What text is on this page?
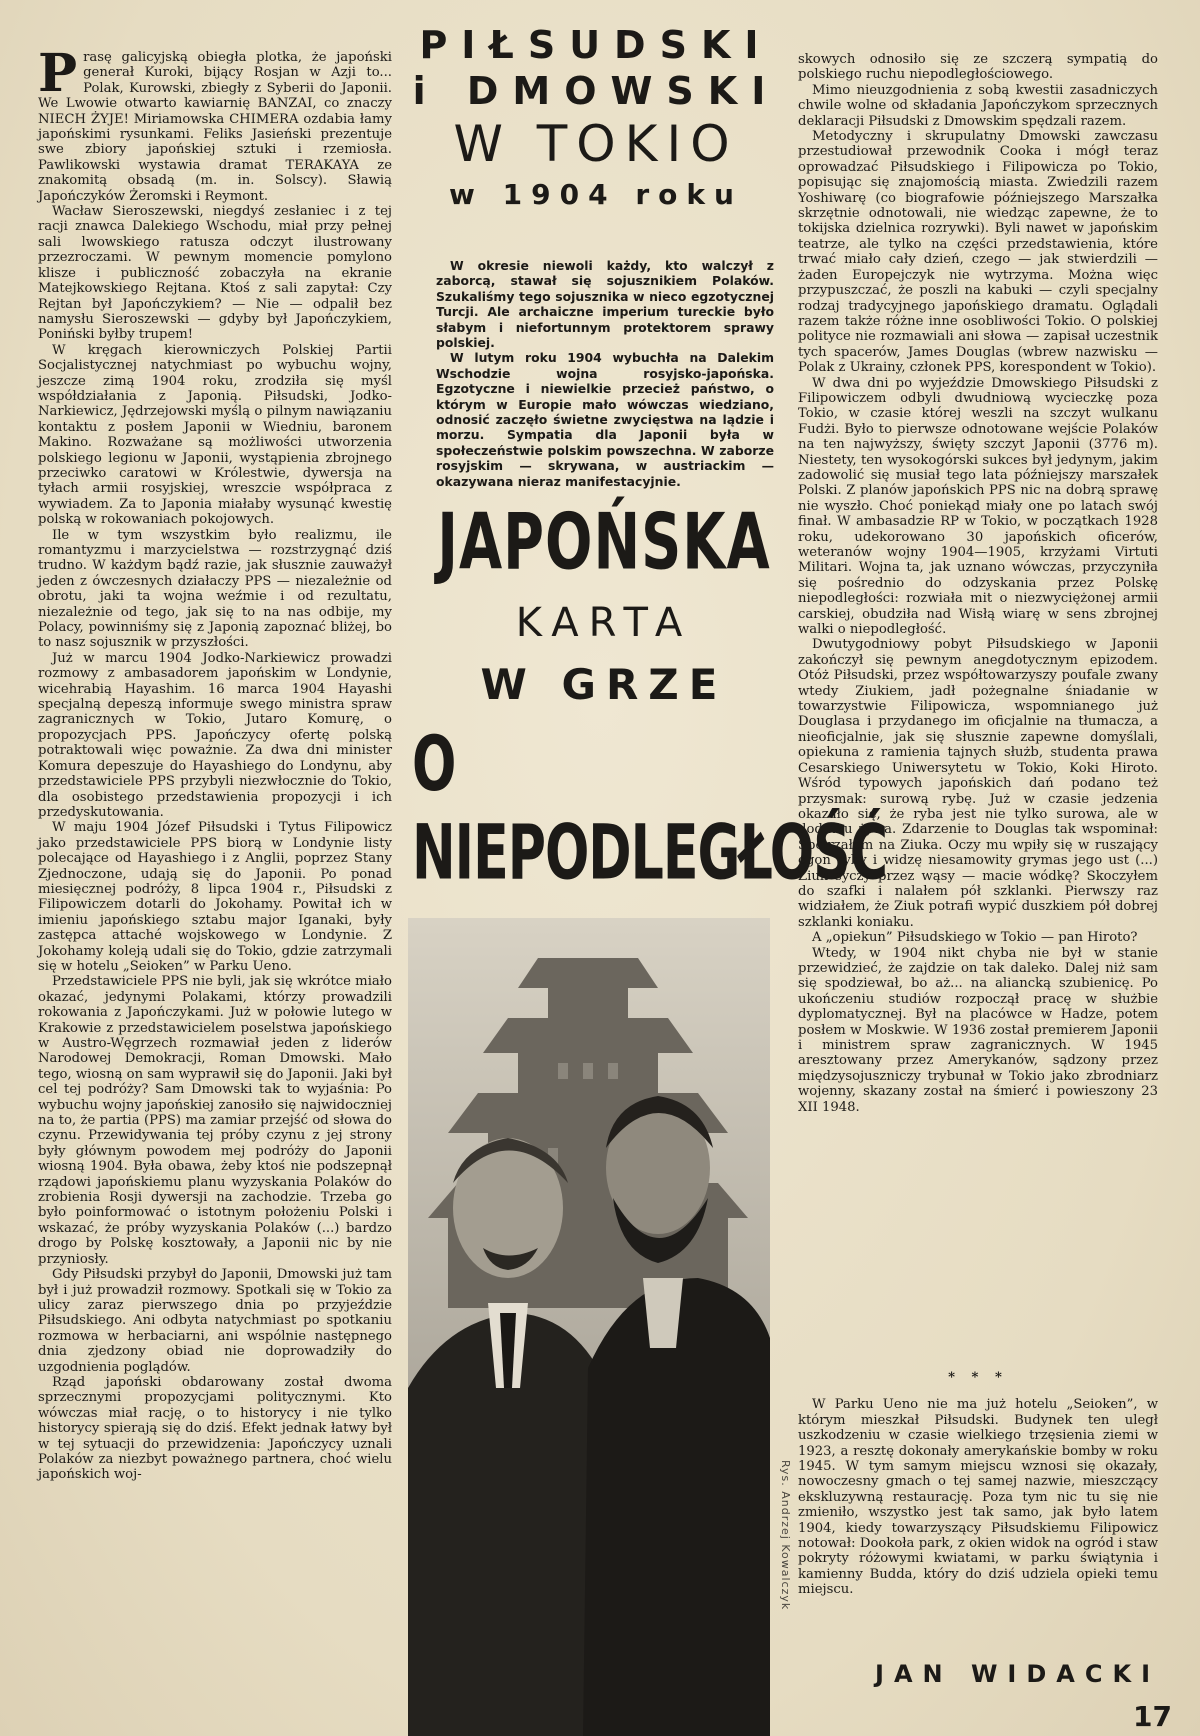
Prasę galicyjską obiegła plotka, że japoński generał Kuroki, bijący Rosjan w Azji to... Polak, Kurowski, zbiegły z Syberii do Japonii. We Lwowie otwarto kawiarnię BANZAI, co znaczy NIECH ŻYJE! Miriamowska CHIMERA ozdabia łamy japońskimi rysunkami. Feliks Jasieński prezentuje swe zbiory japońskiej sztuki i rzemiosła. Pawlikowski wystawia dramat TERAKAYA ze znakomitą obsadą (m. in. Solscy). Sławią Japończyków Żeromski i Reymont.

Wacław Sieroszewski, niegdyś zesłaniec i z tej racji znawca Dalekiego Wschodu, miał przy pełnej sali lwowskiego ratusza odczyt ilustrowany przezroczami. W pewnym momencie pomylono klisze i publiczność zobaczyła na ekranie Matejkowskiego Rejtana. Ktoś z sali zapytał: Czy Rejtan był Japończykiem? — Nie — odpalił bez namysłu Sieroszewski — gdyby był Japończykiem, Poniński byłby trupem!

W kręgach kierowniczych Polskiej Partii Socjalistycznej natychmiast po wybuchu wojny, jeszcze zimą 1904 roku, zrodziła się myśl współdziałania z Japonią. Piłsudski, Jodko-Narkiewicz, Jędrzejowski myślą o pilnym nawiązaniu kontaktu z posłem Japonii w Wiedniu, baronem Makino. Rozważane są możliwości utworzenia polskiego legionu w Japonii, wystąpienia zbrojnego przeciwko caratowi w Królestwie, dywersja na tyłach armii rosyjskiej, wreszcie współpraca z wywiadem. Za to Japonia miałaby wysunąć kwestię polską w rokowaniach pokojowych.

Ile w tym wszystkim było realizmu, ile romantyzmu i marzycielstwa — rozstrzygnąć dziś trudno. W każdym bądź razie, jak słusznie zauważył jeden z ówczesnych działaczy PPS — niezależnie od obrotu, jaki ta wojna weźmie i od rezultatu, niezależnie od tego, jak się to na nas odbije, my Polacy, powinniśmy się z Japonią zapoznać bliżej, bo to nasz sojusznik w przyszłości.

Już w marcu 1904 Jodko-Narkiewicz prowadzi rozmowy z ambasadorem japońskim w Londynie, wicehrabią Hayashim. 16 marca 1904 Hayashi specjalną depeszą informuje swego ministra spraw zagranicznych w Tokio, Jutaro Komurę, o propozycjach PPS. Japończycy ofertę polską potraktowali więc poważnie. Za dwa dni minister Komura depeszuje do Hayashiego do Londynu, aby przedstawiciele PPS przybyli niezwłocznie do Tokio, dla osobistego przedstawienia propozycji i ich przedyskutowania.

W maju 1904 Józef Piłsudski i Tytus Filipowicz jako przedstawiciele PPS biorą w Londynie listy polecające od Hayashiego i z Anglii, poprzez Stany Zjednoczone, udają się do Japonii. Po ponad miesięcznej podróży, 8 lipca 1904 r., Piłsudski z Filipowiczem dotarli do Jokohamy. Powitał ich w imieniu japońskiego sztabu major Iganaki, były zastępca attaché wojskowego w Londynie. Z Jokohamy koleją udali się do Tokio, gdzie zatrzymali się w hotelu „Seioken” w Parku Ueno.

Przedstawiciele PPS nie byli, jak się wkrótce miało okazać, jedynymi Polakami, którzy prowadzili rokowania z Japończykami. Już w połowie lutego w Krakowie z przedstawicielem poselstwa japońskiego w Austro-Węgrzech rozmawiał jeden z liderów Narodowej Demokracji, Roman Dmowski. Mało tego, wiosną on sam wyprawił się do Japonii. Jaki był cel tej podróży? Sam Dmowski tak to wyjaśnia: Po wybuchu wojny japońskiej zanosiło się najwidoczniej na to, że partia (PPS) ma zamiar przejść od słowa do czynu. Przewidywania tej próby czynu z jej strony były głównym powodem mej podróży do Japonii wiosną 1904. Była obawa, żeby ktoś nie podszepnął rządowi japońskiemu planu wyzyskania Polaków do zrobienia Rosji dywersji na zachodzie. Trzeba go było poinformować o istotnym położeniu Polski i wskazać, że próby wyzyskania Polaków (...) bardzo drogo by Polskę kosztowały, a Japonii nic by nie przyniosły.

Gdy Piłsudski przybył do Japonii, Dmowski już tam był i już prowadził rozmowy. Spotkali się w Tokio za ulicy zaraz pierwszego dnia po przyjeździe Piłsudskiego. Ani odbyta natychmiast po spotkaniu rozmowa w herbaciarni, ani wspólnie następnego dnia zjedzony obiad nie doprowadziły do uzgodnienia poglądów.

Rząd japoński obdarowany został dwoma sprzecznymi propozycjami politycznymi. Kto wówczas miał rację, o to historycy i nie tylko historycy spierają się do dziś. Efekt jednak łatwy był w tej sytuacji do przewidzenia: Japończycy uznali Polaków za niezbyt poważnego partnera, choć wielu japońskich woj-

PIŁSUDSKI
i DMOWSKI
W TOKIO
w 1904 roku

W okresie niewoli każdy, kto walczył z zaborcą, stawał się sojusznikiem Polaków. Szukaliśmy tego sojusznika w nieco egzotycznej Turcji. Ale archaiczne imperium tureckie było słabym i niefortunnym protektorem sprawy polskiej.

W lutym roku 1904 wybuchła na Dalekim Wschodzie wojna rosyjsko-japońska. Egzotyczne i niewielkie przecież państwo, o którym w Europie mało wówczas wiedziano, odnosić zaczęło świetne zwycięstwa na lądzie i morzu. Sympatia dla Japonii była w społeczeństwie polskim powszechna. W zaborze rosyjskim — skrywana, w austriackim — okazywana nieraz manifestacyjnie.

JAPOŃSKA
KARTA
W GRZE
O NIEPODLEGŁOŚĆ
Rys. Andrzej Kowalczyk

skowych odnosiło się ze szczerą sympatią do polskiego ruchu niepodległościowego.

Mimo nieuzgodnienia z sobą kwestii zasadniczych chwile wolne od składania Japończykom sprzecznych deklaracji Piłsudski z Dmowskim spędzali razem.

Metodyczny i skrupulatny Dmowski zawczasu przestudiował przewodnik Cooka i mógł teraz oprowadzać Piłsudskiego i Filipowicza po Tokio, popisując się znajomością miasta. Zwiedzili razem Yoshiwarę (co biografowie późniejszego Marszałka skrzętnie odnotowali, nie wiedząc zapewne, że to tokijska dzielnica rozrywki). Byli nawet w japońskim teatrze, ale tylko na części przedstawienia, które trwać miało cały dzień, czego — jak stwierdzili — żaden Europejczyk nie wytrzyma. Można więc przypuszczać, że poszli na kabuki — czyli specjalny rodzaj tradycyjnego japońskiego dramatu. Oglądali razem także różne inne osobliwości Tokio. O polskiej polityce nie rozmawiali ani słowa — zapisał uczestnik tych spacerów, James Douglas (wbrew nazwisku — Polak z Ukrainy, członek PPS, korespondent w Tokio).

W dwa dni po wyjeździe Dmowskiego Piłsudski z Filipowiczem odbyli dwudniową wycieczkę poza Tokio, w czasie której weszli na szczyt wulkanu Fudżi. Było to pierwsze odnotowane wejście Polaków na ten najwyższy, święty szczyt Japonii (3776 m). Niestety, ten wysokogórski sukces był jedynym, jakim zadowolić się musiał tego lata późniejszy marszałek Polski. Z planów japońskich PPS nic na dobrą sprawę nie wyszło. Choć poniekąd miały one po latach swój finał. W ambasadzie RP w Tokio, w początkach 1928 roku, udekorowano 30 japońskich oficerów, weteranów wojny 1904—1905, krzyżami Virtuti Militari. Wojna ta, jak uznano wówczas, przyczyniła się pośrednio do odzyskania przez Polskę niepodległości: rozwiała mit o niezwyciężonej armii carskiej, obudziła nad Wisłą wiarę w sens zbrojnej walki o niepodległość.

Dwutygodniowy pobyt Piłsudskiego w Japonii zakończył się pewnym anegdotycznym epizodem. Otóż Piłsudski, przez współtowarzyszy poufale zwany wtedy Ziukiem, jadł pożegnalne śniadanie w towarzystwie Filipowicza, wspomnianego już Douglasa i przydanego im oficjalnie na tłumacza, a nieoficjalnie, jak się słusznie zapewne domyślali, opiekuna z ramienia tajnych służb, studenta prawa Cesarskiego Uniwersytetu w Tokio, Koki Hiroto. Wśród typowych japońskich dań podano też przysmak: surową rybę. Już w czasie jedzenia okazało się, że ryba jest nie tylko surowa, ale w dodatku żywa. Zdarzenie to Douglas tak wspominał: Spojrzałem na Ziuka. Oczy mu wpiły się w ruszający ogon ryby i widzę niesamowity grymas jego ust (...) Ziuk syczy przez wąsy — macie wódkę? Skoczyłem do szafki i nalałem pół szklanki. Pierwszy raz widziałem, że Ziuk potrafi wypić duszkiem pół dobrej szklanki koniaku.

A „opiekun” Piłsudskiego w Tokio — pan Hiroto?

Wtedy, w 1904 nikt chyba nie był w stanie przewidzieć, że zajdzie on tak daleko. Dalej niż sam się spodziewał, bo aż... na aliancką szubienicę. Po ukończeniu studiów rozpoczął pracę w służbie dyplomatycznej. Był na placówce w Hadze, potem posłem w Moskwie. W 1936 został premierem Japonii i ministrem spraw zagranicznych. W 1945 aresztowany przez Amerykanów, sądzony przez międzysojuszniczy trybunał w Tokio jako zbrodniarz wojenny, skazany został na śmierć i powieszony 23 XII 1948.

* * *

W Parku Ueno nie ma już hotelu „Seioken”, w którym mieszkał Piłsudski. Budynek ten uległ uszkodzeniu w czasie wielkiego trzęsienia ziemi w 1923, a resztę dokonały amerykańskie bomby w roku 1945. W tym samym miejscu wznosi się okazały, nowoczesny gmach o tej samej nazwie, mieszczący ekskluzywną restaurację. Poza tym nic tu się nie zmieniło, wszystko jest tak samo, jak było latem 1904, kiedy towarzyszący Piłsudskiemu Filipowicz notował: Dookoła park, z okien widok na ogród i staw pokryty różowymi kwiatami, w parku świątynia i kamienny Budda, który do dziś udziela opieki temu miejscu.

JAN WIDACKI
17
